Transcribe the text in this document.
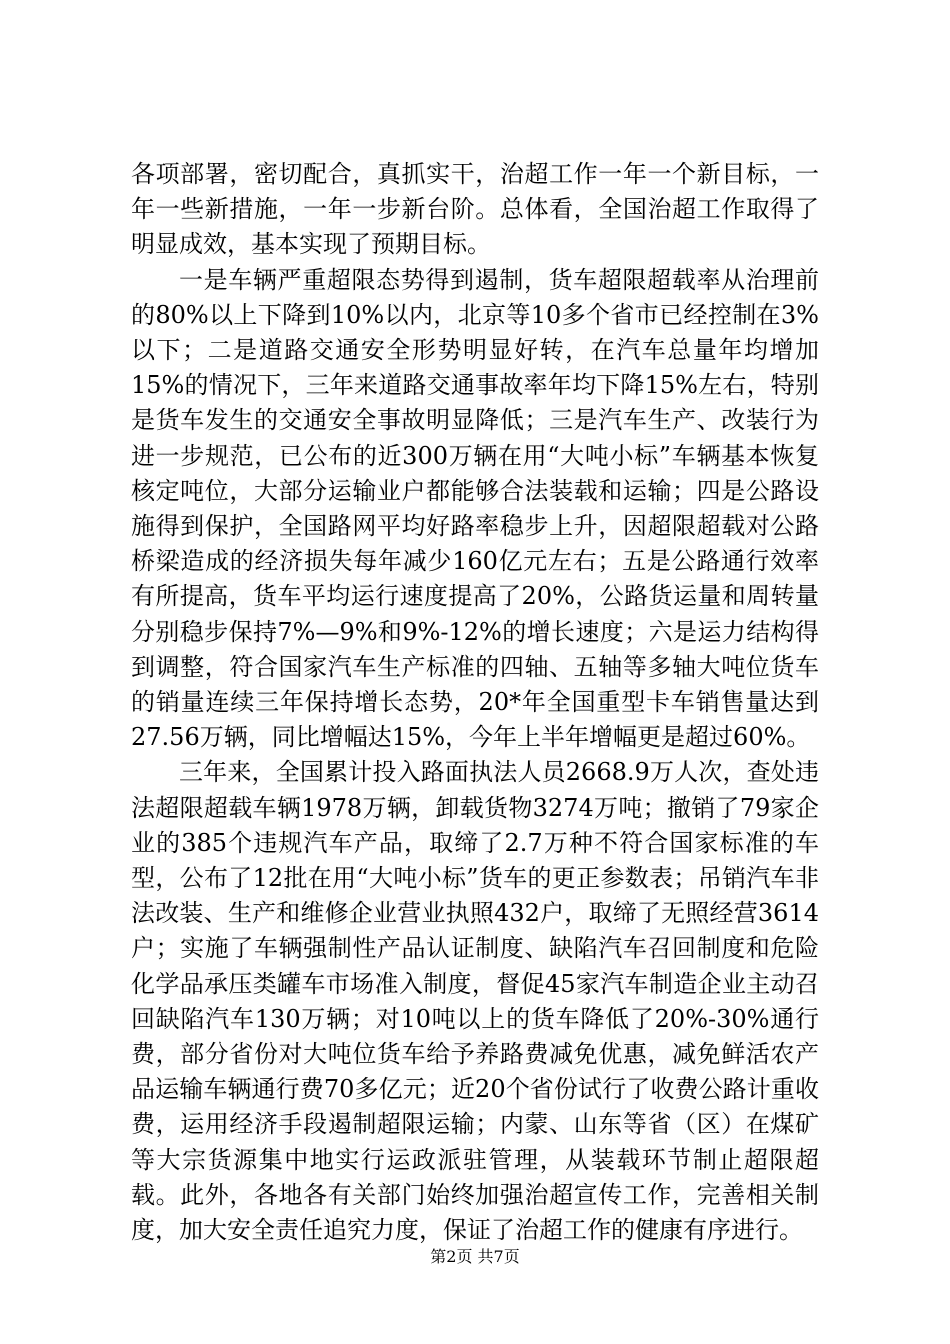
各项部署，密切配合，真抓实干，治超工作一年一个新目标，一年一些新措施，一年一步新台阶。总体看，全国治超工作取得了明显成效，基本实现了预期目标。

一是车辆严重超限态势得到遏制，货车超限超载率从治理前的80%以上下降到10%以内，北京等10多个省市已经控制在3%以下；二是道路交通安全形势明显好转，在汽车总量年均增加15%的情况下，三年来道路交通事故率年均下降15%左右，特别是货车发生的交通安全事故明显降低；三是汽车生产、改装行为进一步规范，已公布的近300万辆在用“大吨小标”车辆基本恢复核定吨位，大部分运输业户都能够合法装载和运输；四是公路设施得到保护，全国路网平均好路率稳步上升，因超限超载对公路桥梁造成的经济损失每年减少160亿元左右；五是公路通行效率有所提高，货车平均运行速度提高了20%，公路货运量和周转量分别稳步保持7%—9%和9%-12%的增长速度；六是运力结构得到调整，符合国家汽车生产标准的四轴、五轴等多轴大吨位货车的销量连续三年保持增长态势，20*年全国重型卡车销售量达到27.56万辆，同比增幅达15%，今年上半年增幅更是超过60%。

三年来，全国累计投入路面执法人员2668.9万人次，查处违法超限超载车辆1978万辆，卸载货物3274万吨；撤销了79家企业的385个违规汽车产品，取缔了2.7万种不符合国家标准的车型，公布了12批在用“大吨小标”货车的更正参数表；吊销汽车非法改装、生产和维修企业营业执照432户，取缔了无照经营3614户；实施了车辆强制性产品认证制度、缺陷汽车召回制度和危险化学品承压类罐车市场准入制度，督促45家汽车制造企业主动召回缺陷汽车130万辆；对10吨以上的货车降低了20%-30%通行费，部分省份对大吨位货车给予养路费减免优惠，减免鲜活农产品运输车辆通行费70多亿元；近20个省份试行了收费公路计重收费，运用经济手段遏制超限运输；内蒙、山东等省（区）在煤矿等大宗货源集中地实行运政派驻管理，从装载环节制止超限超载。此外，各地各有关部门始终加强治超宣传工作，完善相关制度，加大安全责任追究力度，保证了治超工作的健康有序进行。

第2页 共7页
